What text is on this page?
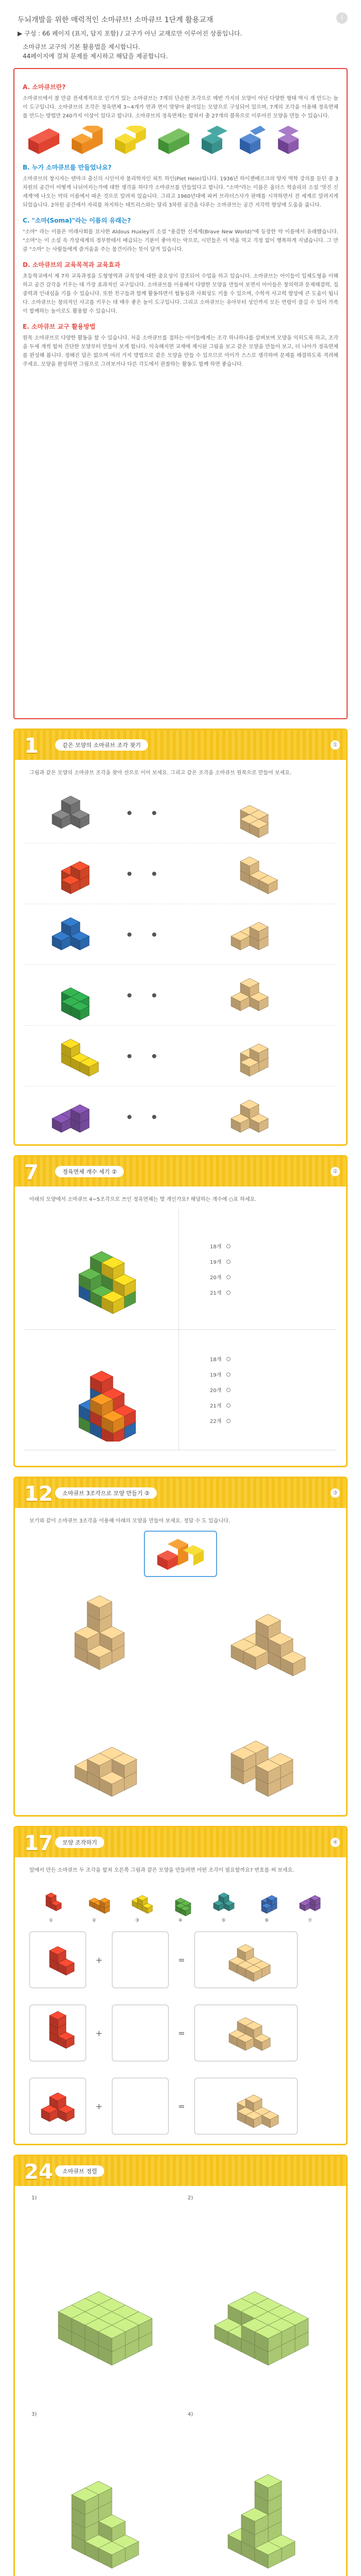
두뇌개발을 위한 매력적인 소마큐브! 소마큐브 1단계 활용교재	i
▶ 구성 : 66 페이지 (표지, 답지 포함) / 교구가 아닌 교재로만 이루어진 상품입니다.
소마큐브 교구의 기본 활용법을 제시합니다.
44페이지에 걸쳐 문제를 제시하고 해답을 제공합니다.
A. 소마큐브란?
소마큐브에서 찰 만큼 전세계적으로 인기가 있는 소마큐브는 7개의 단순한 조각으로 매번 가지의 모양이 아닌 다양한 형태 역시 개 만드는 놀이 도구입니다. 소마큐브의 조각은 정육면체 3~4개가 면과 면이 맞닿아 붙어있는 모양으로 구성되어 있으며, 7개의 조각을 이용해 정육면체를 만드는 방법만 240가지 이상이 있다고 합니다. 소마큐브의 정육면체는 합쳐서 총 27개의 블록으로 이루어진 모양을 만들 수 있습니다.
B. 누가 소마큐브를 만들었나요?
소마큐브의 창시자는 덴마크 출신의 시인이자 물리학자인 피트 하인(Piet Hein)입니다. 1936년 하이젠베르크의 양자 역학 강의를 듣던 중 3차원의 공간이 어떻게 나뉘어지는가에 대한 생각을 하다가 소마큐브를 만들었다고 합니다. "소마"라는 이름은 올더스 헉슬리의 소설 '멋진 신세계'에 나오는 약의 이름에서 따온 것으로 알려져 있습니다. 그리고 1960년대에 파커 브라더스사가 판매를 시작하면서 전 세계로 알려지게 되었습니다. 2차원 공간에서 자리를 차지하는 테트리스와는 달리 3차원 공간을 다루는 소마큐브는 공간 지각력 향상에 도움을 줍니다.
C. "소마(Soma)"라는 이름의 유래는?
"소마" 라는 이름은 미래사회를 묘사한 Aldous Huxley의 소설 "용감한 신세계(Brave New World)"에 등장한 약 이름에서 유래했습니다. "소마"는 이 소설 속 가상세계의 정부한테서 배급되는 기분이 좋아지는 약으로, 시민들은 이 약을 먹고 걱정 없이 행복하게 지냈습니다. 그 만큼 "소마" 는 사람들에게 즐거움을 주는 물건이라는 뜻이 담겨 있습니다.
D. 소마큐브의 교육목적과 교육효과
초등학교에서 제 7차 교육과정을 도형영역과 규칙성에 대한 중요성이 강조되어 수업을 하고 있습니다. 소마큐브는 아이들이 입체도형을 이해하고 공간 감각을 키우는 데 가장 효과적인 교구입니다. 소마큐브를 이용해서 다양한 모양을 만들어 보면서 아이들은 창의력과 문제해결력, 집중력과 인내심을 기를 수 있습니다. 또한 친구들과 함께 활동하면서 협동심과 사회성도 키울 수 있으며, 수학적 사고력 향상에 큰 도움이 됩니다. 소마큐브는 창의적인 사고를 키우는 데 매우 좋은 놀이 도구입니다. 그리고 소마큐브는 유아부터 성인까지 모든 연령이 즐길 수 있어 가족이 함께하는 놀이로도 활용할 수 있습니다.
E. 소마큐브 교구 활용방법
원목 소마큐브로 다양한 활동을 할 수 있습니다. 처음 소마큐브를 접하는 아이들에게는 조각 하나하나를 살펴보며 모양을 익히도록 하고, 조각을 두세 개씩 합쳐 간단한 모양부터 만들어 보게 합니다. 익숙해지면 교재에 제시된 그림을 보고 같은 모양을 만들어 보고, 더 나아가 정육면체를 완성해 봅니다. 정해진 답은 없으며 여러 가지 방법으로 같은 모양을 만들 수 있으므로 아이가 스스로 생각하며 문제를 해결하도록 격려해 주세요. 모양을 완성하면 그림으로 그려보거나 다른 각도에서 관찰하는 활동도 함께 하면 좋습니다.
1	같은 모양의 소마큐브 조각 찾기	①
그림과 같은 모양의 소마큐브 조각을 찾아 선으로 이어 보세요. 그리고 같은 조각을 소마큐브 원목으로 만들어 보세요.
7	정육면체 개수 세기 ②	②
아래의 모양에서 소마큐브 4~5조각으로 쓰인 정육면체는 몇 개인가요? 해당하는 개수에 ○표 하세요.
18개
19개
20개
21개
18개
19개
20개
21개
22개
12	소마큐브 3조각으로 모양 만들기 ②	③
보기와 같이 소마큐브 3조각을 이용해 아래의 모양을 만들어 보세요. 정답 수 도 있습니다.
17	모양 조작하기	④
앞에서 만든 소마큐브 두 조각을 합쳐 오른쪽 그림과 같은 모양을 만들려면 어떤 조각이 필요할까요? 번호를 써 보세요.
①	②	③	④	⑤	⑥	⑦
+	=
+	=
+	=
24	소마큐브 정렬
1)	2)
3)	4)
